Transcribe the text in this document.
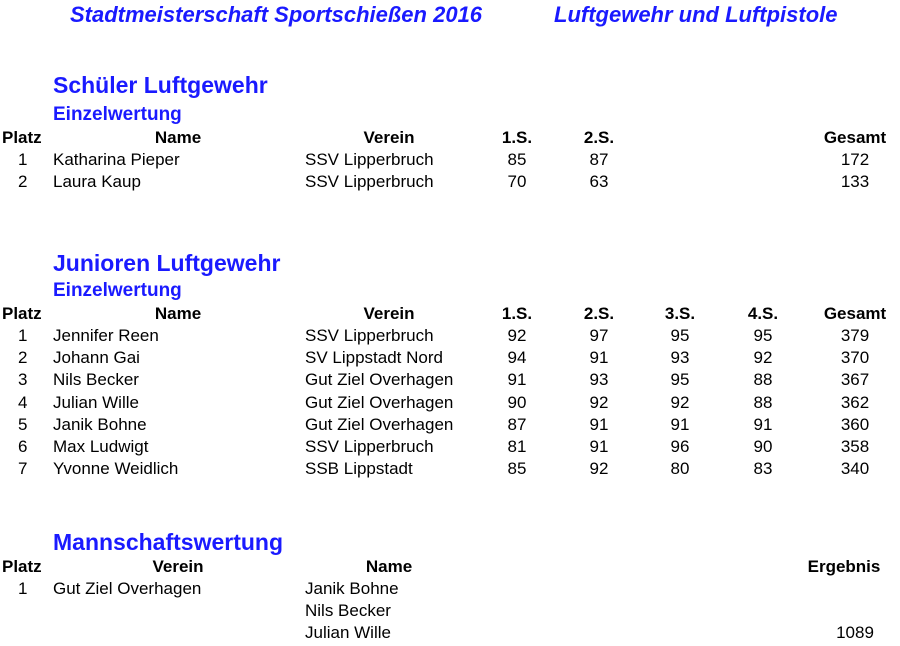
Stadtmeisterschaft Sportschießen 2016	Luftgewehr und Luftpistole
Schüler Luftgewehr
Einzelwertung
Platz	Name	Verein	1.S.	2.S.	Gesamt
1 Katharina Pieper	SSV Lipperbruch	85	87	172
2 Laura Kaup	SSV Lipperbruch	70	63	133
Junioren Luftgewehr
Einzelwertung
Platz	Name	Verein	1.S.	2.S.	3.S.	4.S.	Gesamt
1 Jennifer Reen	SSV Lipperbruch	92	97	95	95	379
2 Johann Gai	SV Lippstadt Nord	94	91	93	92	370
3 Nils Becker	Gut Ziel Overhagen	91	93	95	88	367
4 Julian Wille	Gut Ziel Overhagen	90	92	92	88	362
5 Janik Bohne	Gut Ziel Overhagen	87	91	91	91	360
6 Max Ludwigt	SSV Lipperbruch	81	91	96	90	358
7 Yvonne Weidlich	SSB Lippstadt	85	92	80	83	340
Mannschaftswertung
Platz	Verein	Name	Ergebnis
1 Gut Ziel Overhagen	Janik Bohne
Nils Becker
Julian Wille	1089
